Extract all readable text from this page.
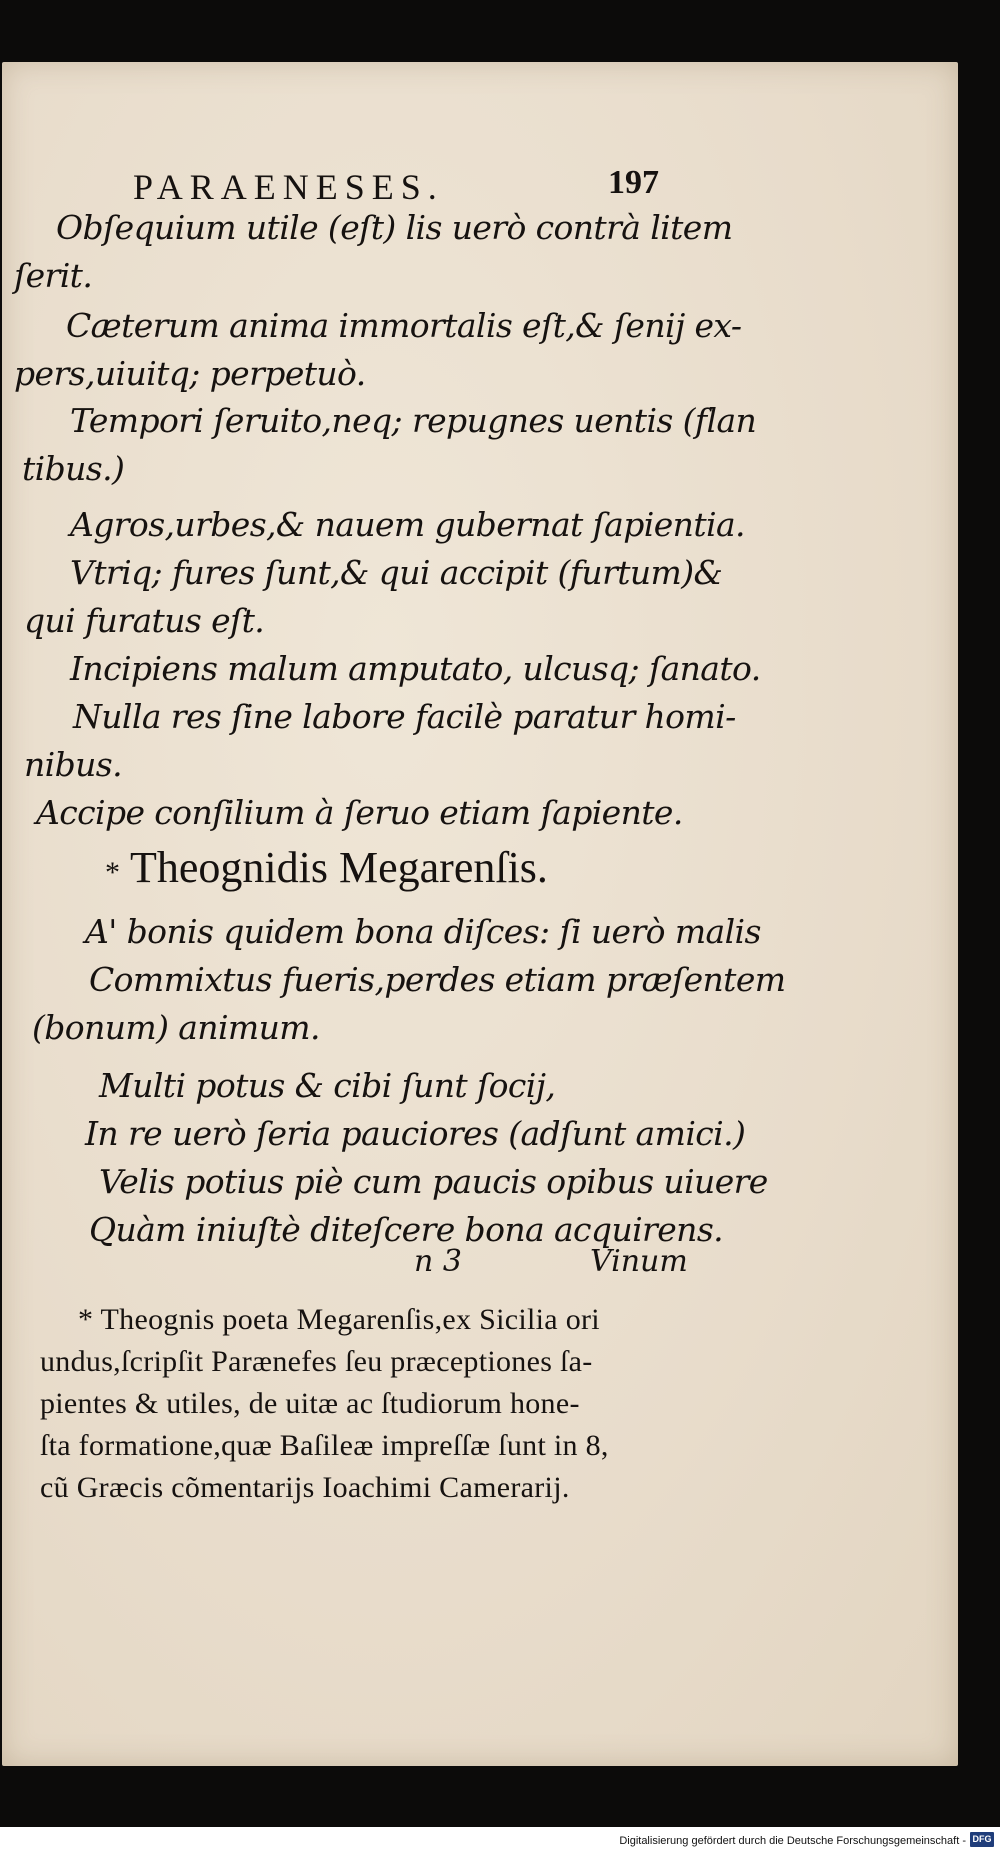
PARAENESES.	197
Obſequium utile (eſt) lis uerò contrà litem
ſerit.
Cæterum anima immortalis eſt,& ſenij ex-
pers,uiuitq; perpetuò.
Tempori ſeruito,neq; repugnes uentis (flan
tibus.)
Agros,urbes,& nauem gubernat ſapientia.
Vtriq; fures ſunt,& qui accipit (furtum)&
qui furatus eſt.
Incipiens malum amputato, ulcusq; ſanato.
Nulla res ſine labore facilè paratur homi-
nibus.
Accipe conſilium à ſeruo etiam ſapiente.
* Theognidis Megarenſis.
A' bonis quidem bona diſces: ſi uerò malis
Commixtus fueris,perdes etiam præſentem
(bonum) animum.
Multi potus & cibi ſunt ſocij,
In re uerò ſeria pauciores (adſunt amici.)
Velis potius piè cum paucis opibus uiuere
Quàm iniuſtè diteſcere bona acquirens.
n 3	Vinum
* Theognis poeta Megarenſis,ex Sicilia ori
undus,ſcripſit Parænefes ſeu præceptiones ſa-
pientes & utiles, de uitæ ac ſtudiorum hone-
ſta formatione,quæ Baſileæ impreſſæ ſunt in 8,
cũ Græcis cõmentarijs Ioachimi Camerarij.
Digitalisierung gefördert durch die Deutsche Forschungsgemeinschaft - DFG
